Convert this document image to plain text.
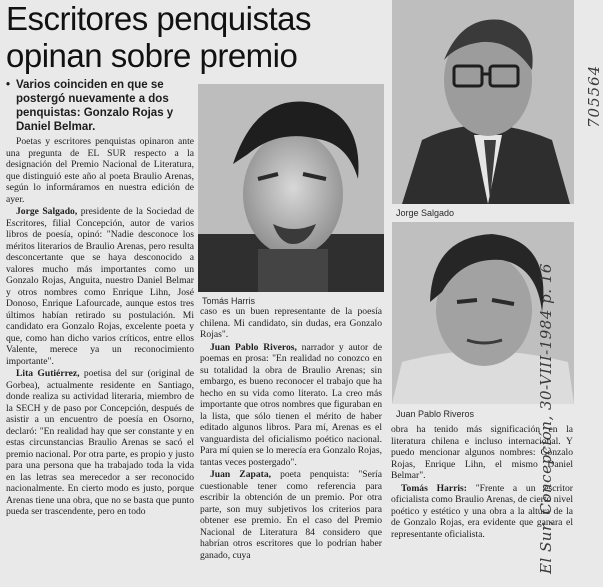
Escritores penquistas
opinan sobre premio
• Varios coinciden en que se postergó nuevamente a dos penquistas: Gonzalo Rojas y Daniel Belmar.

Poetas y escritores penquistas opinaron ante una pregunta de EL SUR respecto a la designación del Premio Nacional de Literatura, que distinguió este año al poeta Braulio Arenas, según lo informáramos en nuestra edición de ayer.

Jorge Salgado, presidente de la Sociedad de Escritores, filial Concepción, autor de varios libros de poesía, opinó: "Nadie desconoce los méritos literarios de Braulio Arenas, pero resulta desconcertante que se haya desconocido a valores mucho más importantes como un Gonzalo Rojas, Anguita, nuestro Daniel Belmar y otros nombres como Enrique Lihn, José Donoso, Enrique Lafourcade, aunque estos tres últimos habían retirado su postulación. Mi candidato era Gonzalo Rojas, excelente poeta y que, como han dicho varios críticos, entre ellos Valente, merece ya un reconocimiento importante".

Lita Gutiérrez, poetisa del sur (original de Gorbea), actualmente residente en Santiago, donde realiza su actividad literaria, miembro de la SECH y de paso por Concepción, después de asistir a un encuentro de poesía en Osorno, declaró: "En realidad hay que ser constante y en estas circunstancias Braulio Arenas se sacó el premio nacional. Por otra parte, es propio y justo para una persona que ha trabajado toda la vida en las letras sea merecedor a ser reconocido nacionalmente. En cierto modo es justo, porque Arenas tiene una obra, que no se basta que punto pueda ser trascendente, pero en todo

caso es un buen representante de la poesía chilena. Mi candidato, sin dudas, era Gonzalo Rojas".

Juan Pablo Riveros, narrador y autor de poemas en prosa: "En realidad no conozco en su totalidad la obra de Braulio Arenas; sin embargo, es bueno reconocer el trabajo que ha hecho en su vida como literato. La creo más importante que otros nombres que figuraban en la lista, que sólo tienen el mérito de haber editado algunos libros. Para mí, Arenas es el vanguardista del oficialismo poético nacional. Para mí quien se lo merecía era Gonzalo Rojas, tantas veces postergado".

Juan Zapata, poeta penquista: "Sería cuestionable tener como referencia para escribir la obtención de un premio. Por otra parte, son muy subjetivos los criterios para obtener ese premio. En el caso del Premio Nacional de Literatura 84 considero que habrían otros escritores que lo podrían haber ganado, cuya

obra ha tenido más significación en la literatura chilena e incluso internacional. Y puedo mencionar algunos nombres: Gonzalo Rojas, Enrique Lihn, el mismo Daniel Belmar".

Tomás Harris: "Frente a un escritor oficialista como Braulio Arenas, de cierto nivel poético y estético y una obra a la altura de la de Gonzalo Rojas, era evidente que ganara el representante oficialista.

Tomás Harris
Jorge Salgado
Juan Pablo Riveros	El Sur, Concepción, 30-VIII-1984 p. 16
705564
